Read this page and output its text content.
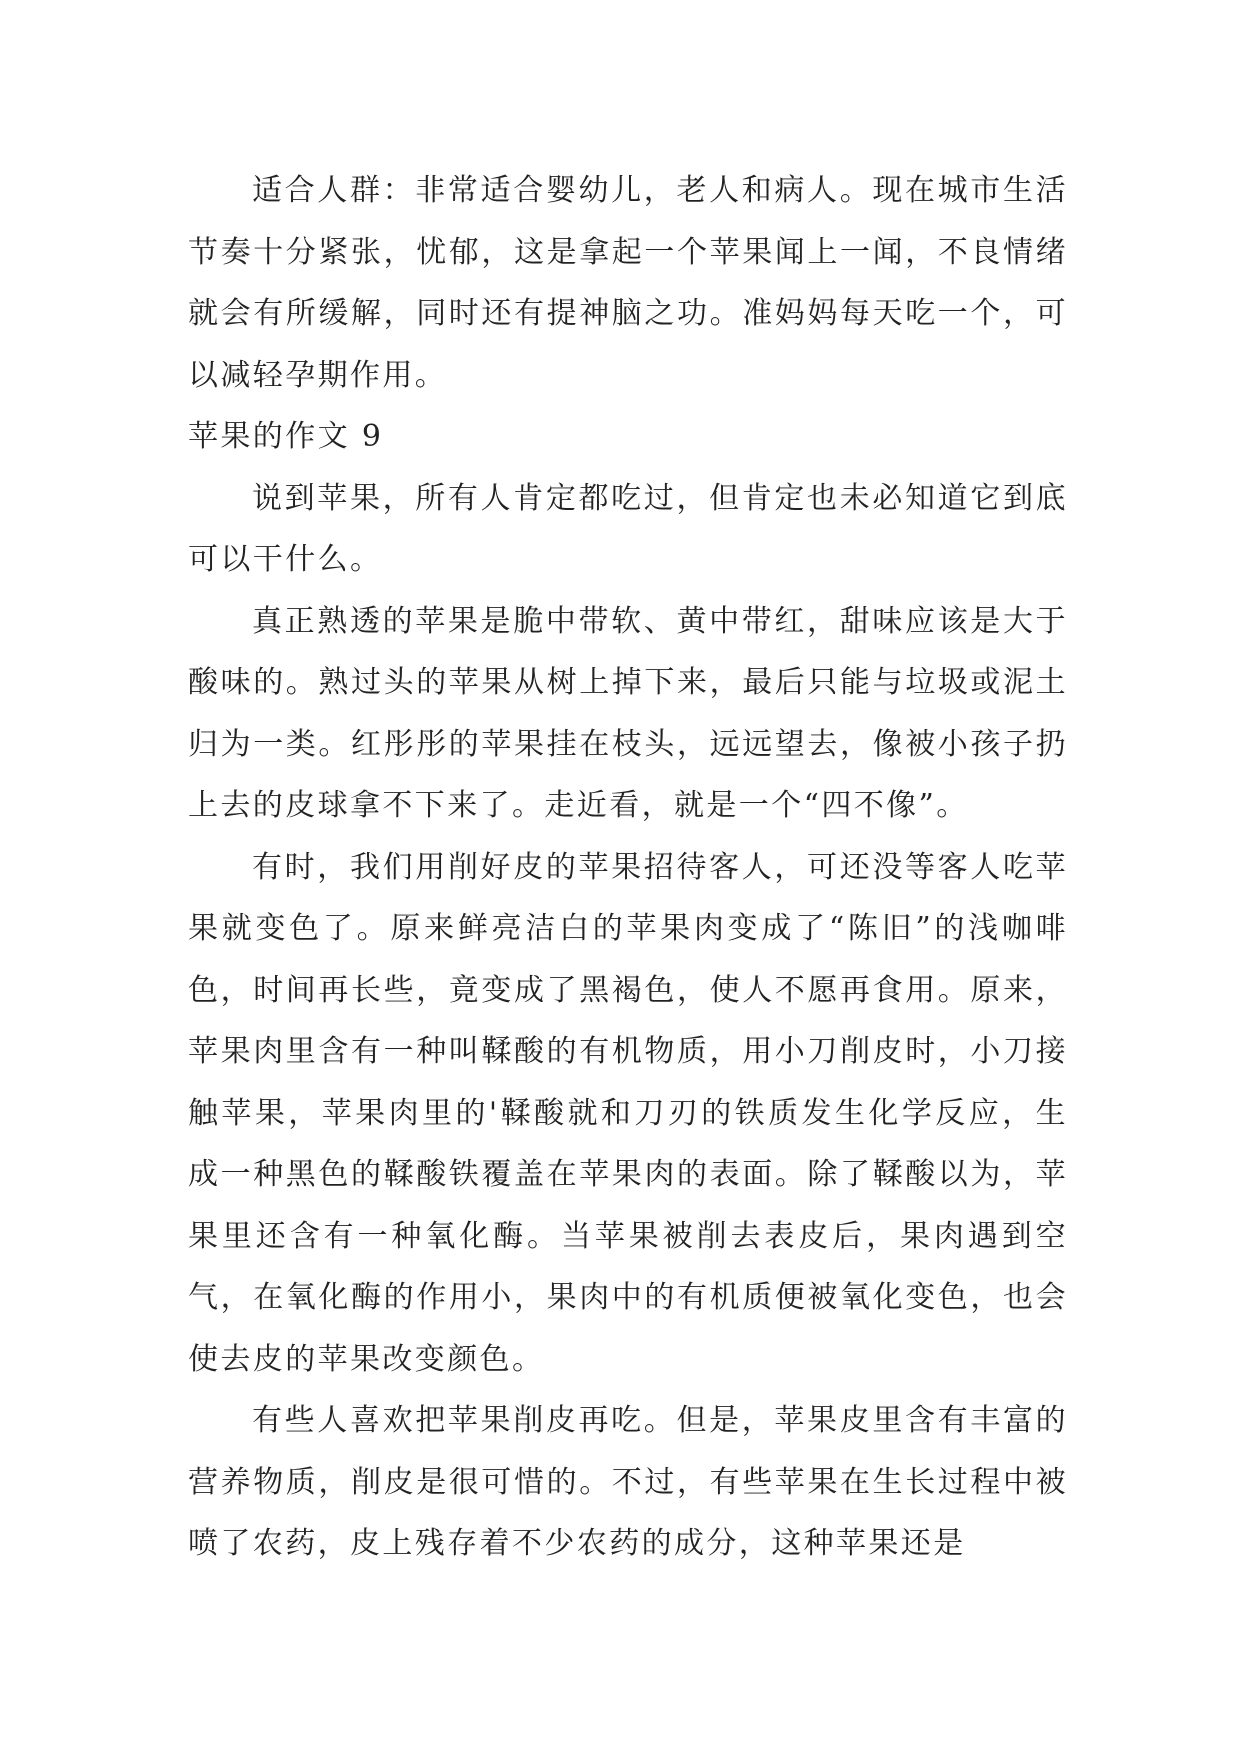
适合人群：非常适合婴幼儿，老人和病人。现在城市生活节奏十分紧张，忧郁，这是拿起一个苹果闻上一闻，不良情绪就会有所缓解，同时还有提神脑之功。准妈妈每天吃一个，可以减轻孕期作用。

苹果的作文 9

说到苹果，所有人肯定都吃过，但肯定也未必知道它到底可以干什么。

真正熟透的苹果是脆中带软、黄中带红，甜味应该是大于酸味的。熟过头的苹果从树上掉下来，最后只能与垃圾或泥土归为一类。红彤彤的苹果挂在枝头，远远望去，像被小孩子扔上去的皮球拿不下来了。走近看，就是一个“四不像”。

有时，我们用削好皮的苹果招待客人，可还没等客人吃苹果就变色了。原来鲜亮洁白的苹果肉变成了“陈旧”的浅咖啡色，时间再长些，竟变成了黑褐色，使人不愿再食用。原来，苹果肉里含有一种叫鞣酸的有机物质，用小刀削皮时，小刀接触苹果，苹果肉里的'鞣酸就和刀刃的铁质发生化学反应，生成一种黑色的鞣酸铁覆盖在苹果肉的表面。除了鞣酸以为，苹果里还含有一种氧化酶。当苹果被削去表皮后，果肉遇到空气，在氧化酶的作用小，果肉中的有机质便被氧化变色，也会使去皮的苹果改变颜色。

有些人喜欢把苹果削皮再吃。但是，苹果皮里含有丰富的营养物质，削皮是很可惜的。不过，有些苹果在生长过程中被喷了农药，皮上残存着不少农药的成分，这种苹果还是
